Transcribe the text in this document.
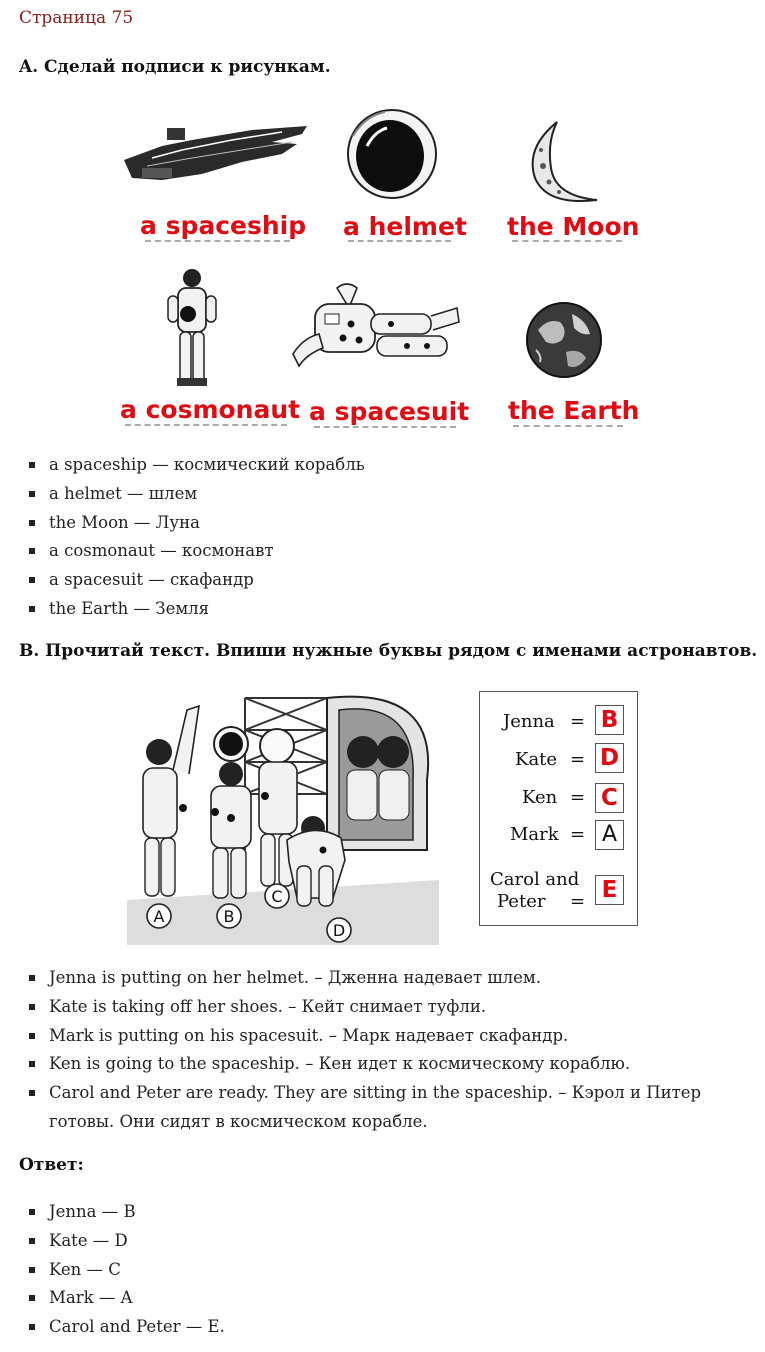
Страница 75
A. Сделай подписи к рисункам.
a spaceship a helmet the Moon
a cosmonaut a spacesuit the Earth
a spaceship — космический корабль
a helmet — шлем
the Moon — Луна
a cosmonaut — космонавт
a spacesuit — скафандр
the Earth — Земля
B. Прочитай текст. Впиши нужные буквы рядом с именами астронавтов.
A	B
C
D
Jenna = B
Kate = D
Ken = C
Mark = A
Carol and
Peter = E
Jenna is putting on her helmet. – Дженна надевает шлем.
Kate is taking off her shoes. – Кейт снимает туфли.
Mark is putting on his spacesuit. – Марк надевает скафандр.
Ken is going to the spaceship. – Кен идет к космическому кораблю.
Carol and Peter are ready. They are sitting in the spaceship. – Кэрол и Питер готовы. Они сидят в космическом корабле.
Ответ:
Jenna — B
Kate — D
Ken — C
Mark — A
Carol and Peter — E.
